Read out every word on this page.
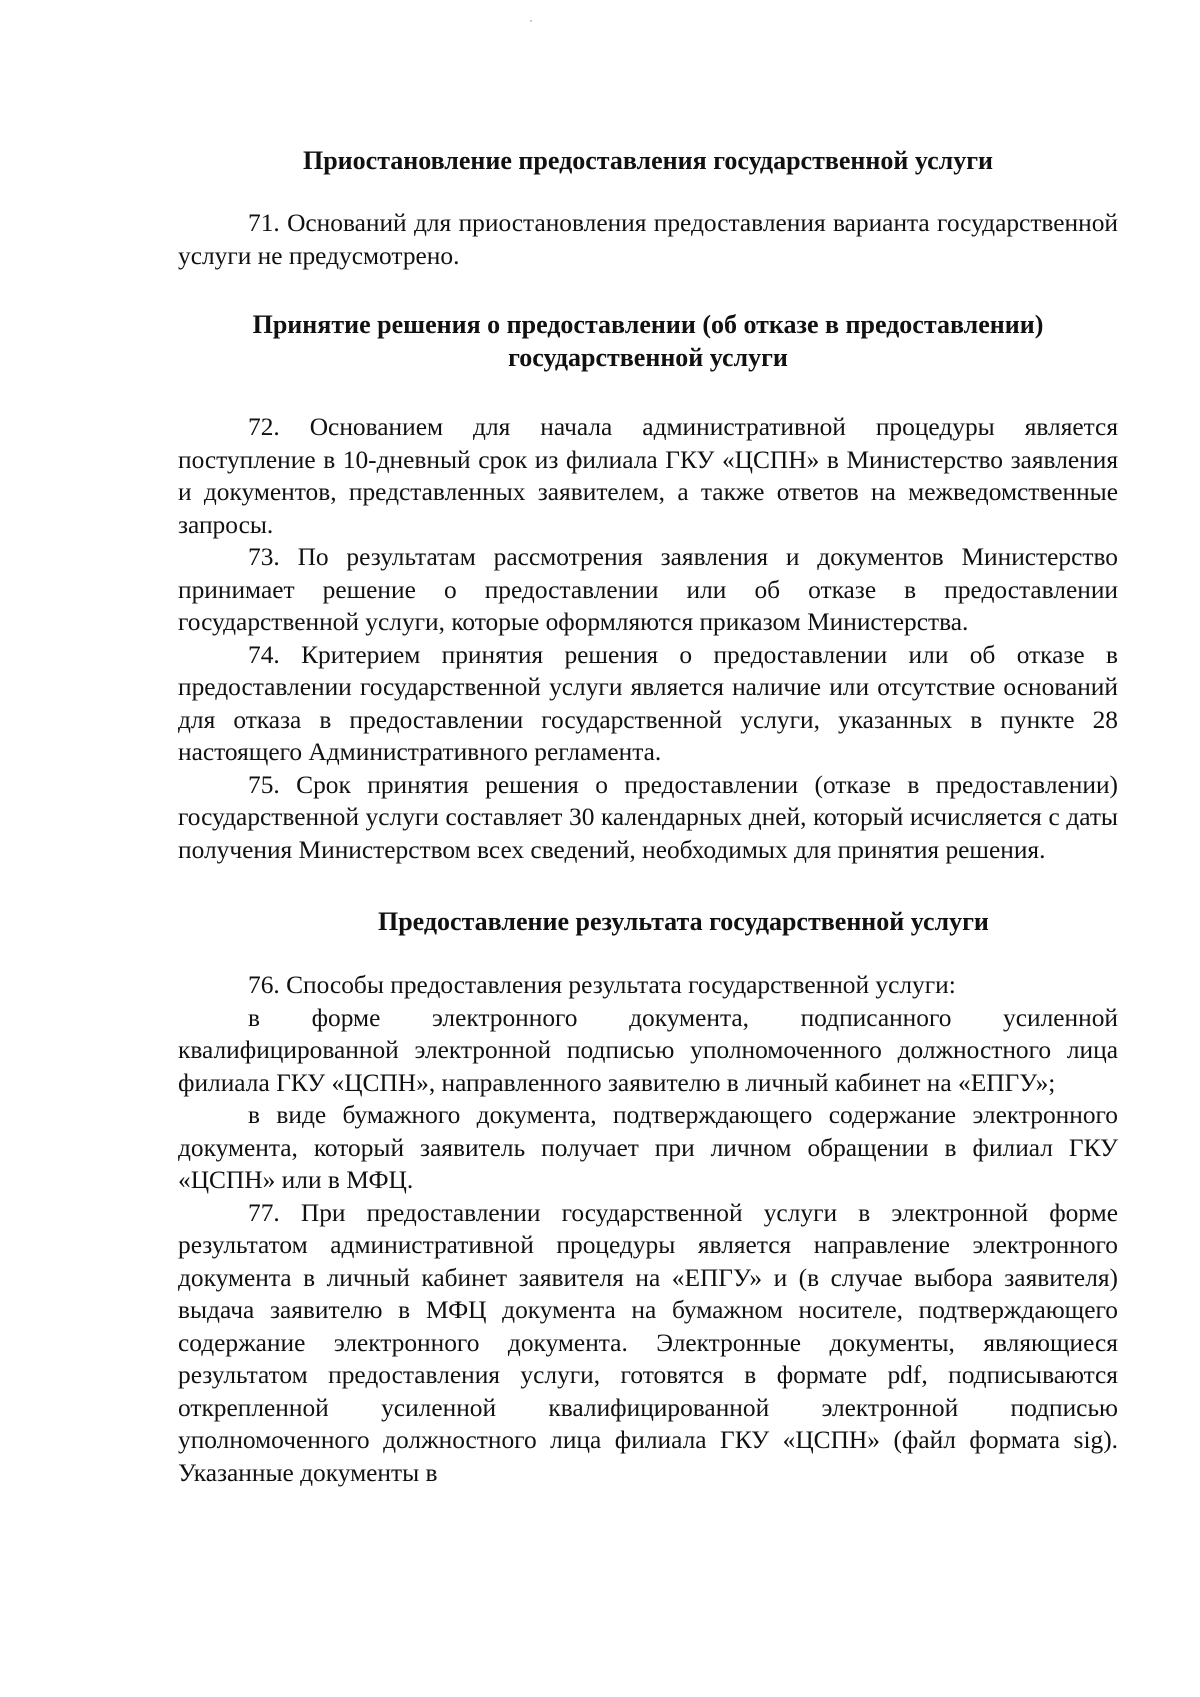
Приостановление предоставления государственной услуги

71. Оснований для приостановления предоставления варианта государственной услуги не предусмотрено.

Принятие решения о предоставлении (об отказе в предоставлении) государственной услуги

72. Основанием для начала административной процедуры является поступление в 10-дневный срок из филиала ГКУ «ЦСПН» в Министерство заявления и документов, представленных заявителем, а также ответов на межведомственные запросы.

73. По результатам рассмотрения заявления и документов Министерство принимает решение о предоставлении или об отказе в предоставлении государственной услуги, которые оформляются приказом Министерства.

74. Критерием принятия решения о предоставлении или об отказе в предоставлении государственной услуги является наличие или отсутствие оснований для отказа в предоставлении государственной услуги, указанных в пункте 28 настоящего Административного регламента.

75. Срок принятия решения о предоставлении (отказе в предоставлении) государственной услуги составляет 30 календарных дней, который исчисляется с даты получения Министерством всех сведений, необходимых для принятия решения.

Предоставление результата государственной услуги

76. Способы предоставления результата государственной услуги:

в форме электронного документа, подписанного усиленной квалифицированной электронной подписью уполномоченного должностного лица филиала ГКУ «ЦСПН», направленного заявителю в личный кабинет на «ЕПГУ»;

в виде бумажного документа, подтверждающего содержание электронного документа, который заявитель получает при личном обращении в филиал ГКУ «ЦСПН» или в МФЦ.

77. При предоставлении государственной услуги в электронной форме результатом административной процедуры является направление электронного документа в личный кабинет заявителя на «ЕПГУ» и (в случае выбора заявителя) выдача заявителю в МФЦ документа на бумажном носителе, подтверждающего содержание электронного документа. Электронные документы, являющиеся результатом предоставления услуги, готовятся в формате pdf, подписываются открепленной усиленной квалифицированной электронной подписью уполномоченного должностного лица филиала ГКУ «ЦСПН» (файл формата sig). Указанные документы в
